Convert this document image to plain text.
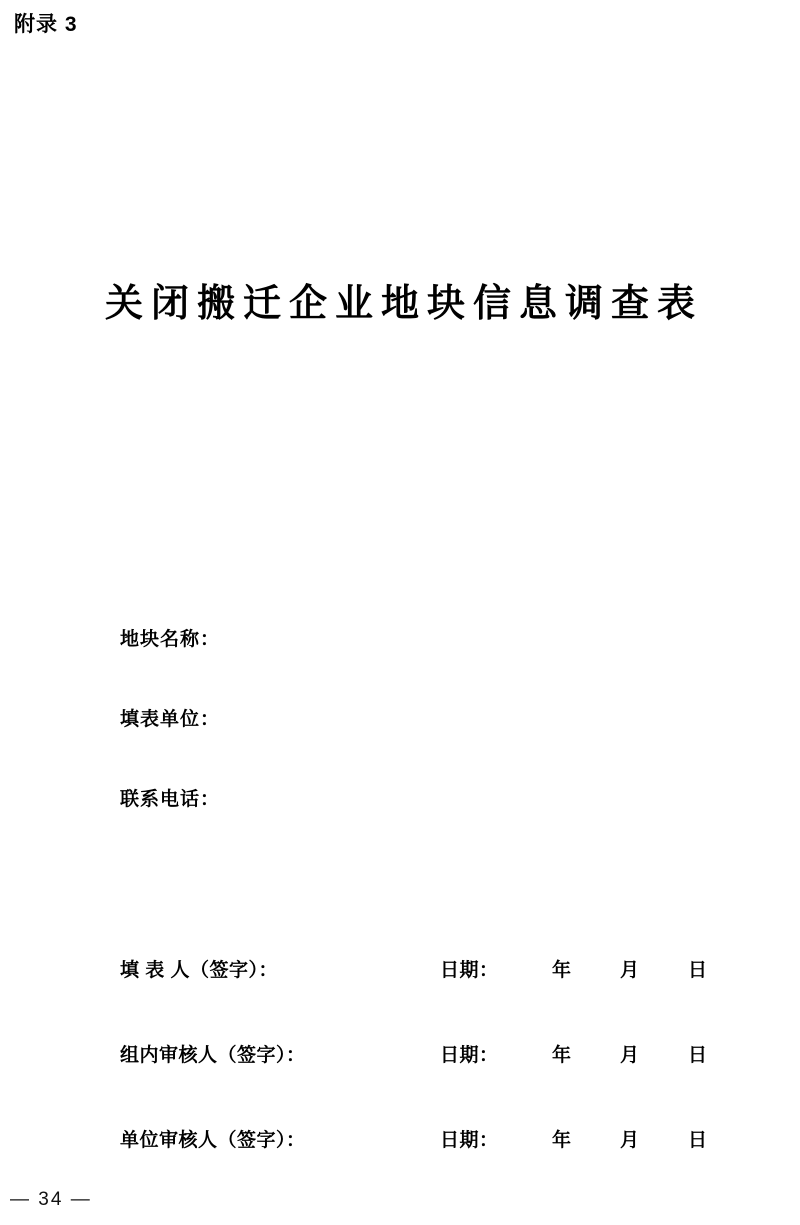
附录 3
关闭搬迁企业地块信息调查表
地块名称：
填表单位：
联系电话：
填 表 人（签字）：	日期：	年	月	日
组内审核人（签字）：	日期：	年	月	日
单位审核人（签字）：	日期：	年	月	日
— 34 —
